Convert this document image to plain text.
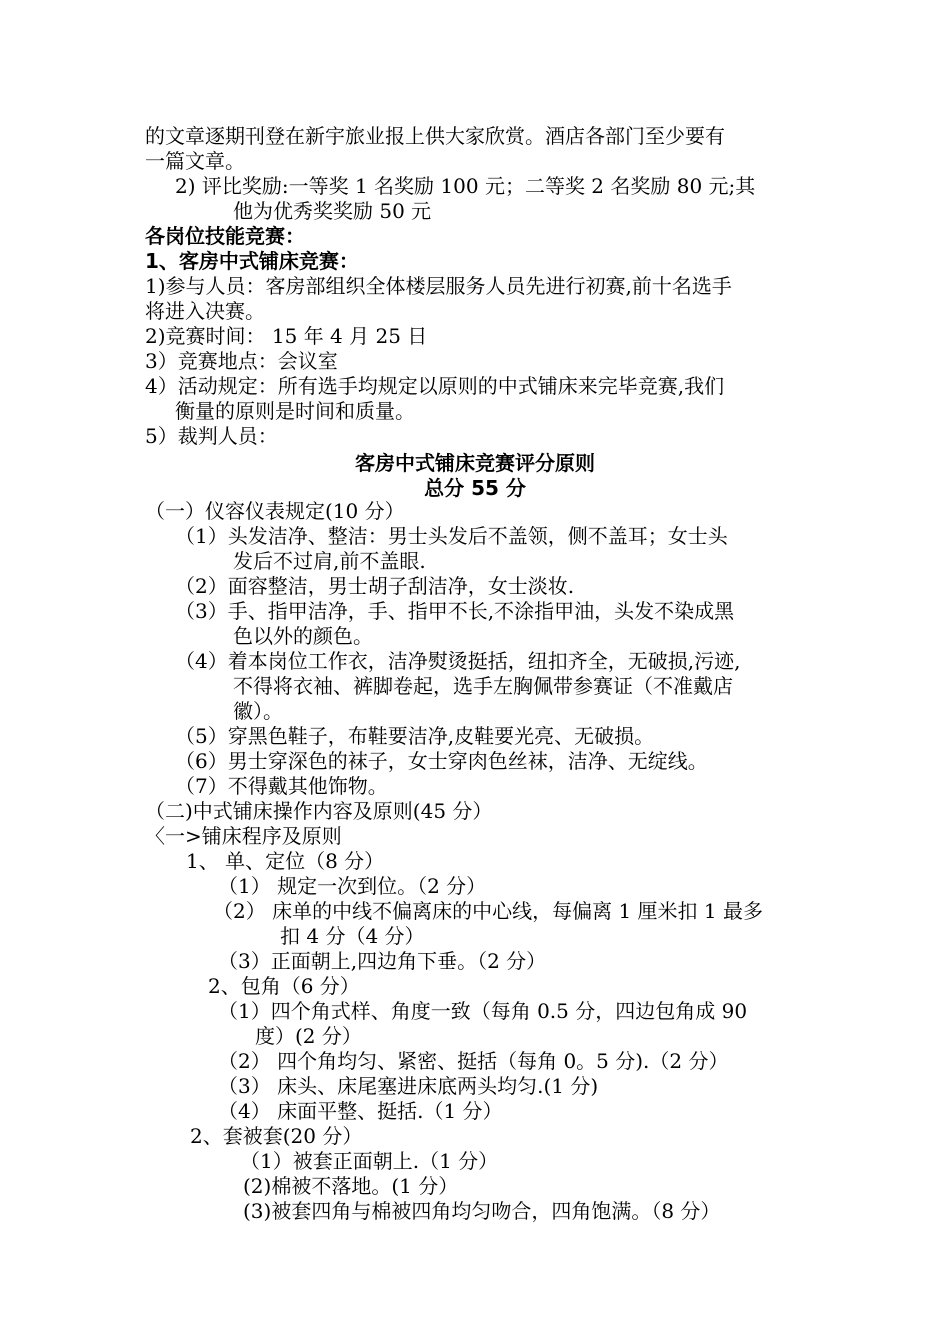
的文章逐期刊登在新宇旅业报上供大家欣赏。酒店各部门至少要有
一篇文章。
2) 评比奖励:一等奖 1 名奖励 100 元；二等奖 2 名奖励 80 元;其
他为优秀奖奖励 50 元
各岗位技能竞赛：
1、客房中式铺床竞赛：
1)参与人员：客房部组织全体楼层服务人员先进行初赛,前十名选手
将进入决赛。
2)竞赛时间： 15 年 4 月 25 日
3）竞赛地点：会议室
4）活动规定：所有选手均规定以原则的中式铺床来完毕竞赛,我们
衡量的原则是时间和质量。
5）裁判人员：
客房中式铺床竞赛评分原则
总分 55 分
（一）仪容仪表规定(10 分）
（1）头发洁净、整洁：男士头发后不盖领，侧不盖耳；女士头
发后不过肩,前不盖眼.
（2）面容整洁，男士胡子刮洁净，女士淡妆.
（3）手、指甲洁净，手、指甲不长,不涂指甲油，头发不染成黑
色以外的颜色。
（4）着本岗位工作衣，洁净熨烫挺括，纽扣齐全，无破损,污迹,
不得将衣袖、裤脚卷起，选手左胸佩带参赛证（不准戴店
徽）。
（5）穿黑色鞋子，布鞋要洁净,皮鞋要光亮、无破损。
（6）男士穿深色的袜子，女士穿肉色丝袜，洁净、无绽线。
（7）不得戴其他饰物。
（二)中式铺床操作内容及原则(45 分）
〈一>铺床程序及原则
1、 单、定位（8 分）
（1） 规定一次到位。（2 分）
（2） 床单的中线不偏离床的中心线，每偏离 1 厘米扣 1 最多
扣 4 分（4 分）
（3）正面朝上,四边角下垂。（2 分）
2、包角（6 分）
（1）四个角式样、角度一致（每角 0.5 分，四边包角成 90
度）(2 分）
（2） 四个角均匀、紧密、挺括（每角 0。5 分).（2 分）
（3） 床头、床尾塞进床底两头均匀.(1 分)
（4） 床面平整、挺括.（1 分）
2、套被套(20 分）
（1）被套正面朝上.（1 分）
(2)棉被不落地。(1 分）
(3)被套四角与棉被四角均匀吻合，四角饱满。（8 分）
